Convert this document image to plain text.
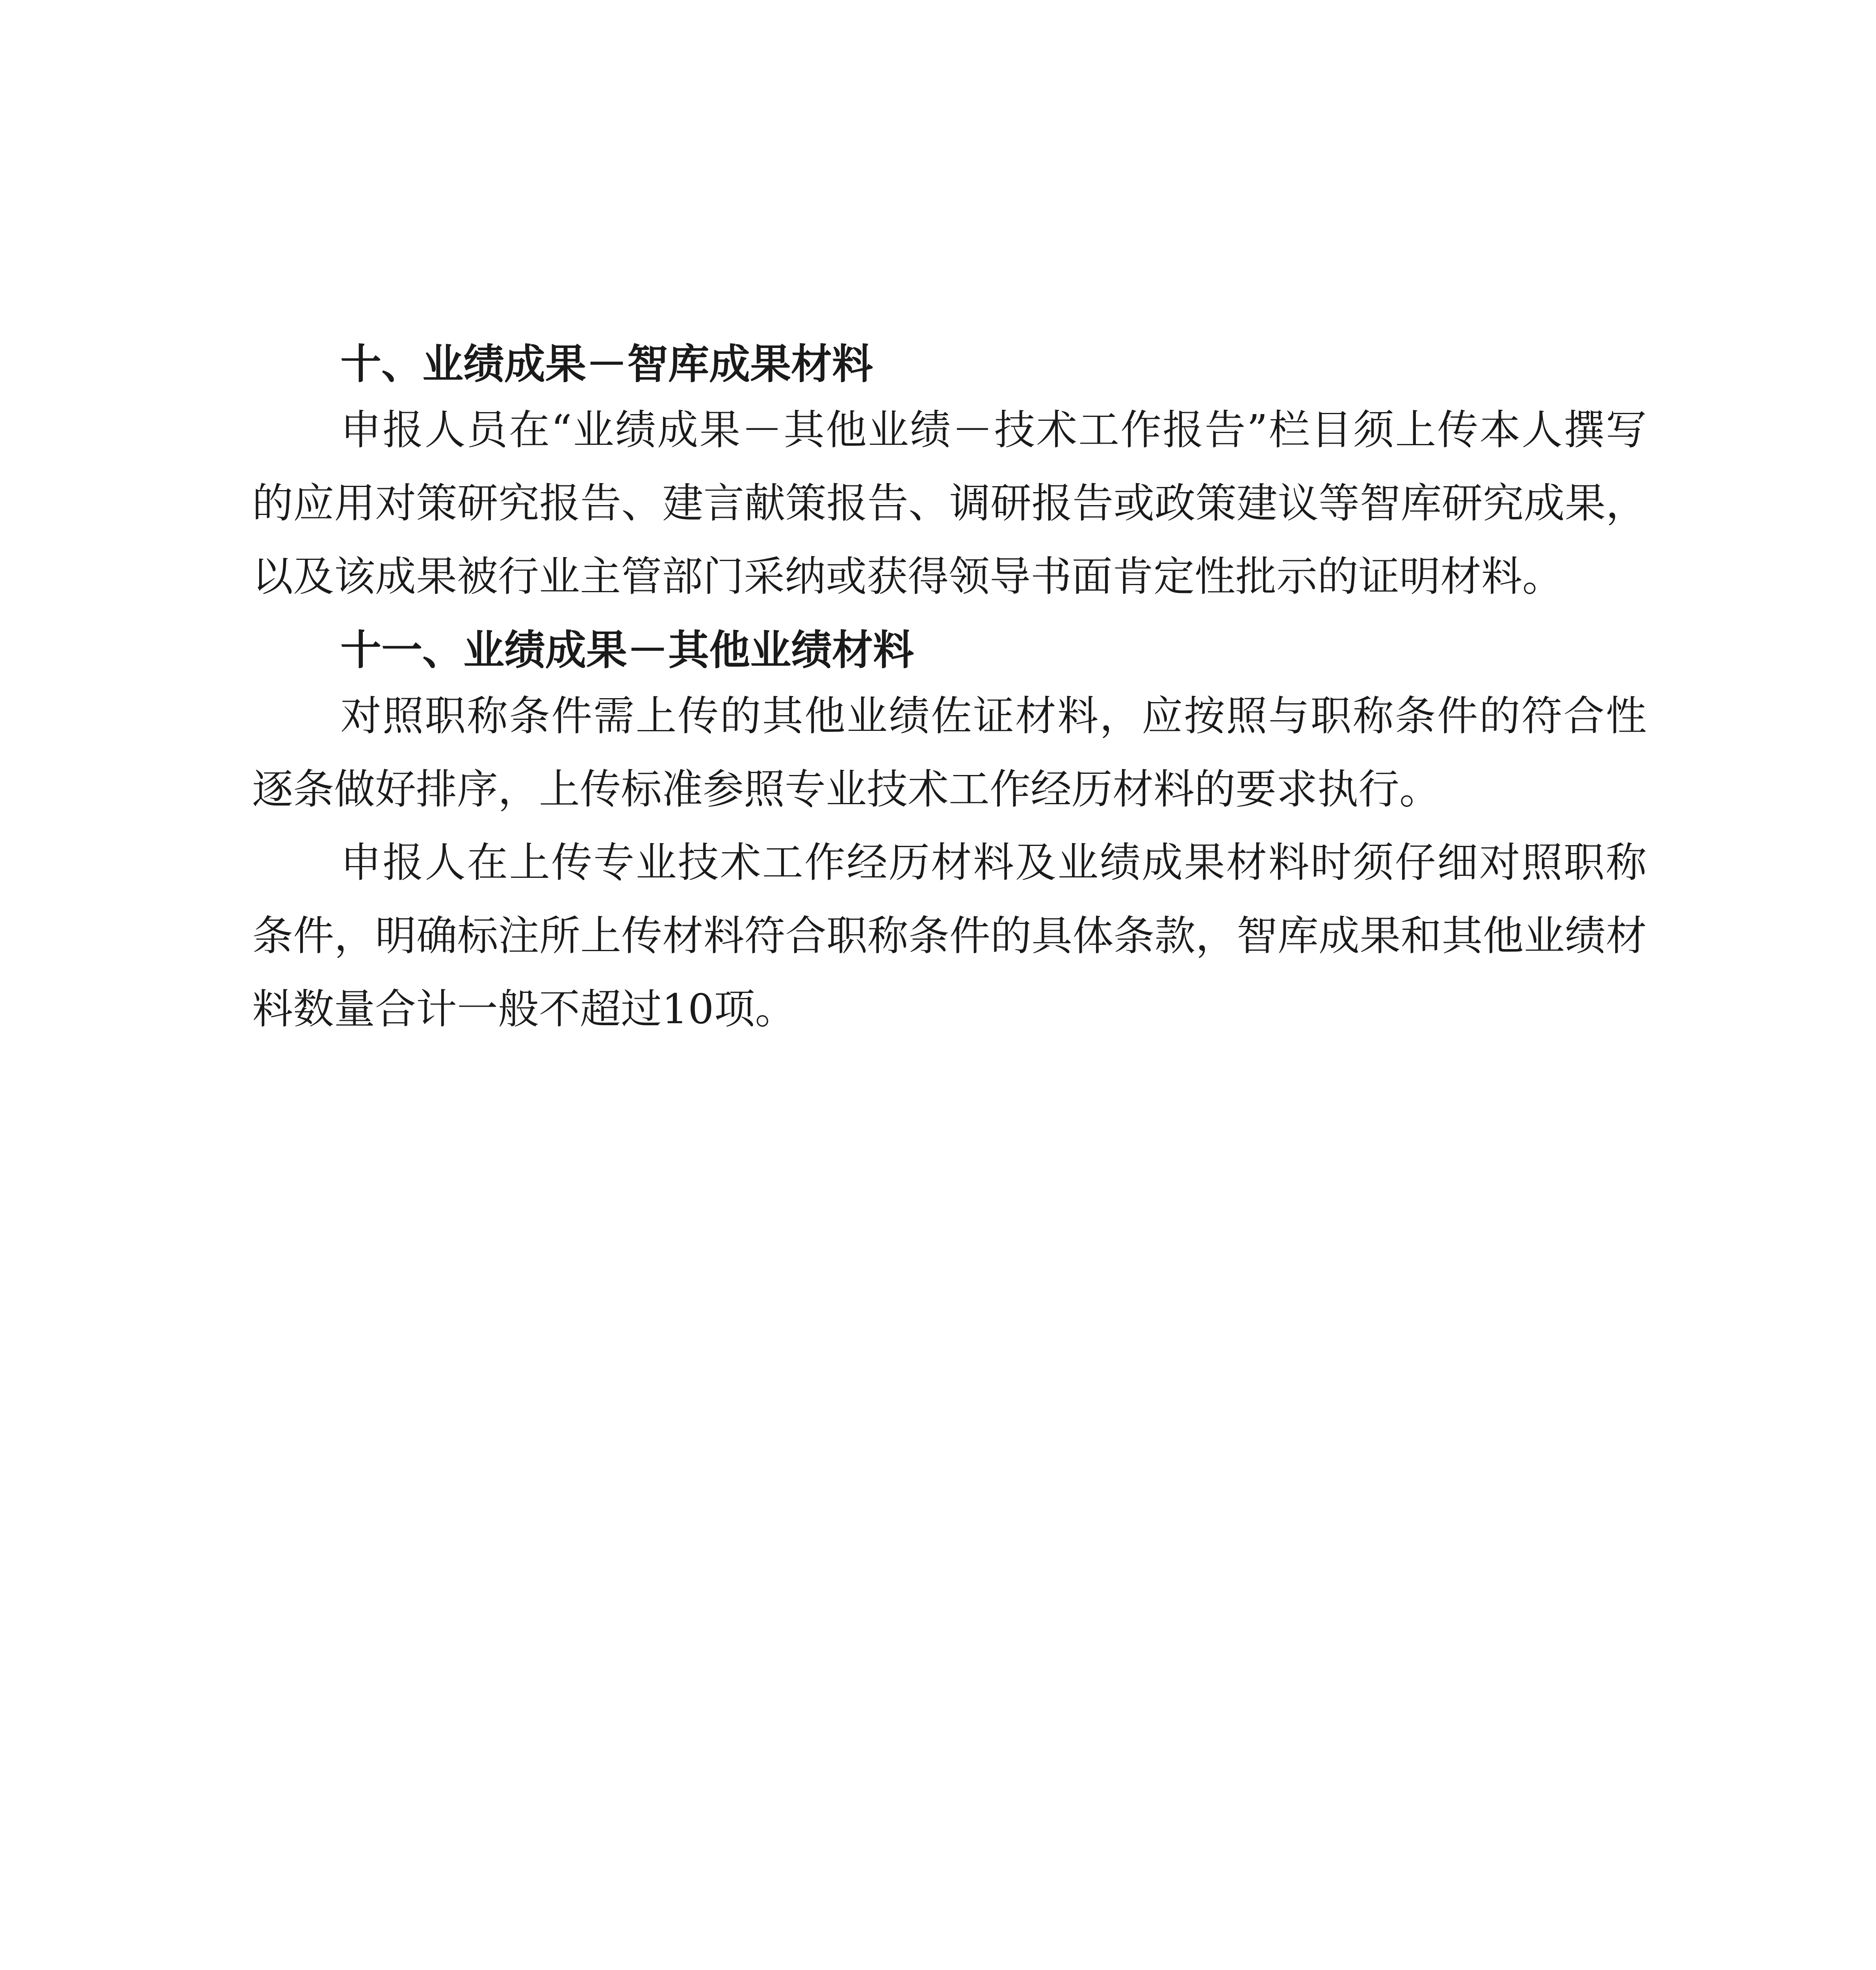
十、业绩成果－智库成果材料

申报人员在“业绩成果－其他业绩－技术工作报告”栏目须上传本人撰写的应用对策研究报告、建言献策报告、调研报告或政策建议等智库研究成果，以及该成果被行业主管部门采纳或获得领导书面肯定性批示的证明材料。

十一、业绩成果－其他业绩材料

对照职称条件需上传的其他业绩佐证材料，应按照与职称条件的符合性逐条做好排序，上传标准参照专业技术工作经历材料的要求执行。

申报人在上传专业技术工作经历材料及业绩成果材料时须仔细对照职称条件，明确标注所上传材料符合职称条件的具体条款，智库成果和其他业绩材料数量合计一般不超过10项。
